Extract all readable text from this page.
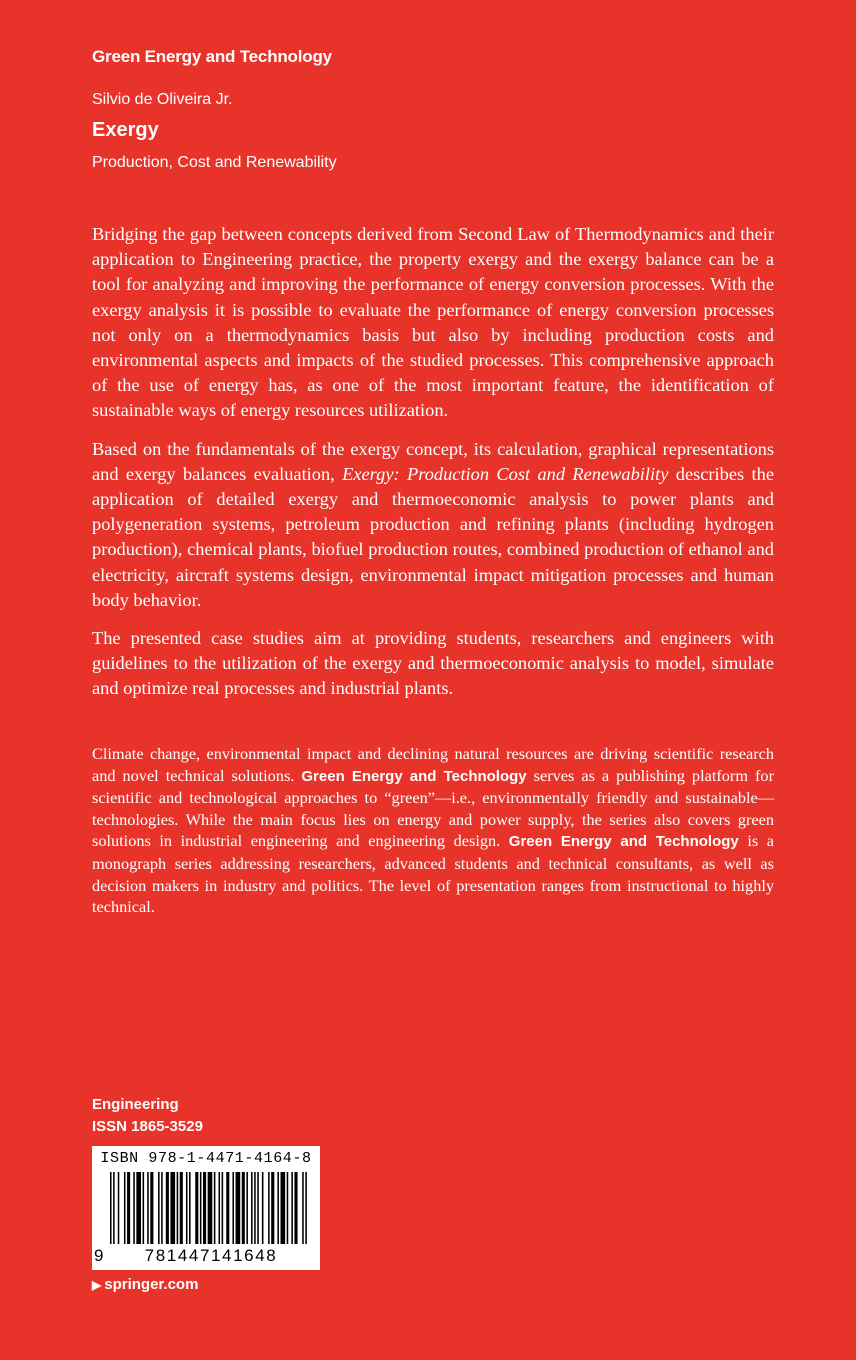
Green Energy and Technology
Silvio de Oliveira Jr.
Exergy
Production, Cost and Renewability

Bridging the gap between concepts derived from Second Law of Thermodynamics and their application to Engineering practice, the property exergy and the exergy balance can be a tool for analyzing and improving the performance of energy conversion processes. With the exergy analysis it is possible to evaluate the performance of energy conversion processes not only on a thermodynamics basis but also by including production costs and environmental aspects and impacts of the studied processes. This comprehensive approach of the use of energy has, as one of the most important feature, the identification of sustainable ways of energy resources utilization.

Based on the fundamentals of the exergy concept, its calculation, graphical representations and exergy balances evaluation, Exergy: Production Cost and Renewability describes the application of detailed exergy and thermoeconomic analysis to power plants and polygeneration systems, petroleum production and refining plants (including hydrogen production), chemical plants, biofuel production routes, combined production of ethanol and electricity, aircraft systems design, environmental impact mitigation processes and human body behavior.

The presented case studies aim at providing students, researchers and engineers with guidelines to the utilization of the exergy and thermoeconomic analysis to model, simulate and optimize real processes and industrial plants.

Climate change, environmental impact and declining natural resources are driving scientific research and novel technical solutions. Green Energy and Technology serves as a publishing platform for scientific and technological approaches to “green”—i.e., environmentally friendly and sustainable—technologies. While the main focus lies on energy and power supply, the series also covers green solutions in industrial engineering and engineering design. Green Energy and Technology is a monograph series addressing researchers, advanced students and technical consultants, as well as decision makers in industry and politics. The level of presentation ranges from instructional to highly technical.

Engineering
ISSN 1865-3529
ISBN 978-1-4471-4164-8
9	781447141648
▶ springer.com
